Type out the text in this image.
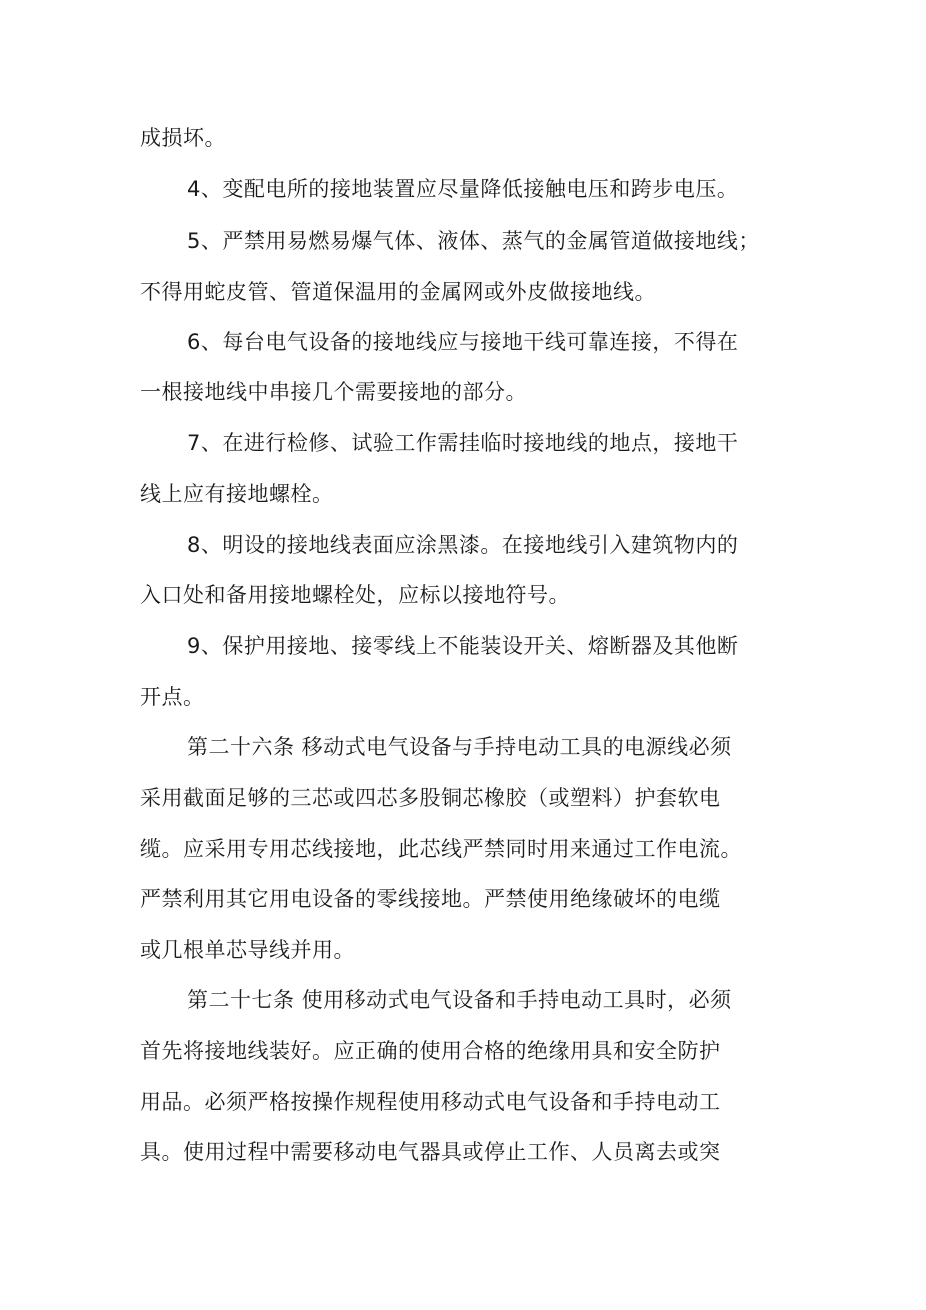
成损坏。
4、变配电所的接地装置应尽量降低接触电压和跨步电压。
5、严禁用易燃易爆气体、液体、蒸气的金属管道做接地线；
不得用蛇皮管、管道保温用的金属网或外皮做接地线。
6、每台电气设备的接地线应与接地干线可靠连接，不得在
一根接地线中串接几个需要接地的部分。
7、在进行检修、试验工作需挂临时接地线的地点，接地干
线上应有接地螺栓。
8、明设的接地线表面应涂黑漆。在接地线引入建筑物内的
入口处和备用接地螺栓处，应标以接地符号。
9、保护用接地、接零线上不能装设开关、熔断器及其他断
开点。
第二十六条 移动式电气设备与手持电动工具的电源线必须
采用截面足够的三芯或四芯多股铜芯橡胶（或塑料）护套软电
缆。应采用专用芯线接地，此芯线严禁同时用来通过工作电流。
严禁利用其它用电设备的零线接地。严禁使用绝缘破坏的电缆
或几根单芯导线并用。
第二十七条 使用移动式电气设备和手持电动工具时，必须
首先将接地线装好。应正确的使用合格的绝缘用具和安全防护
用品。必须严格按操作规程使用移动式电气设备和手持电动工
具。使用过程中需要移动电气器具或停止工作、人员离去或突
